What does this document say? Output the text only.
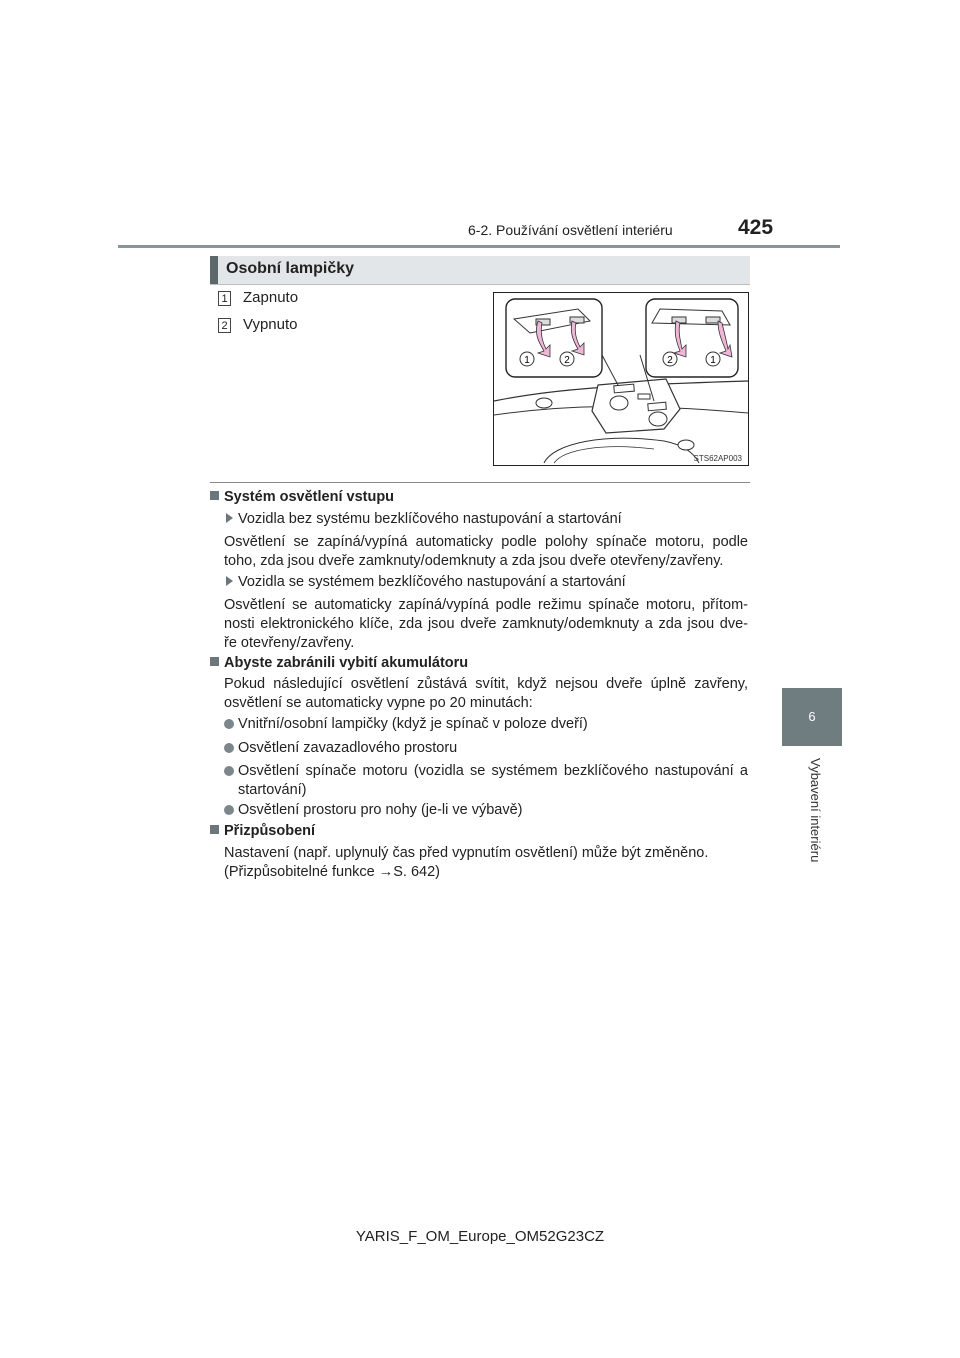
6-2. Používání osvětlení interiéru	425
6
Vybavení interiéru
Osobní lampičky
1 Zapnuto
2 Vypnuto
1	2	2	1
STS62AP003
Systém osvětlení vstupu
Vozidla bez systému bezklíčového nastupování a startování
Osvětlení se zapíná/vypíná automaticky podle polohy spínače motoru, podle
toho, zda jsou dveře zamknuty/odemknuty a zda jsou dveře otevřeny/zavřeny.
Vozidla se systémem bezklíčového nastupování a startování
Osvětlení se automaticky zapíná/vypíná podle režimu spínače motoru, přítom-
nosti elektronického klíče, zda jsou dveře zamknuty/odemknuty a zda jsou dve-
ře otevřeny/zavřeny.
Abyste zabránili vybití akumulátoru
Pokud následující osvětlení zůstává svítit, když nejsou dveře úplně zavřeny,
osvětlení se automaticky vypne po 20 minutách:
Vnitřní/osobní lampičky (když je spínač v poloze dveří)
Osvětlení zavazadlového prostoru
Osvětlení spínače motoru (vozidla se systémem bezklíčového nastupování a startování)
Osvětlení prostoru pro nohy (je-li ve výbavě)
Přizpůsobení
Nastavení (např. uplynulý čas před vypnutím osvětlení) může být změněno.
(Přizpůsobitelné funkce →S. 642)
YARIS_F_OM_Europe_OM52G23CZ
